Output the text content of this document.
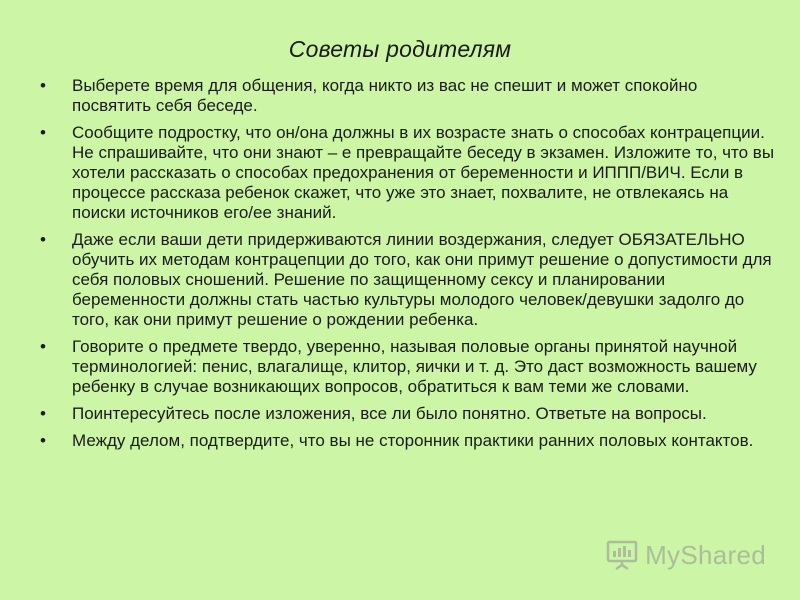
Советы родителям
•	Выберете время для общения, когда никто из вас не спешит и может спокойно посвятить себя беседе.
•	Сообщите подростку, что он/она должны в их возрасте знать о способах контрацепции. Не спрашивайте, что они знают – е превращайте беседу в экзамен. Изложите то, что вы хотели рассказать о способах предохранения от беременности и ИППП/ВИЧ. Если в процессе рассказа ребенок скажет, что уже это знает, похвалите, не отвлекаясь на поиски источников его/ее знаний.
•	Даже если ваши дети придерживаются линии воздержания, следует ОБЯЗАТЕЛЬНО обучить их методам контрацепции до того, как они примут решение о допустимости для себя половых сношений. Решение по защищенному сексу и планировании беременности должны стать частью культуры молодого человек/девушки задолго до того, как они примут решение о рождении ребенка.
•	Говорите о предмете твердо, уверенно, называя половые органы принятой научной терминологией: пенис, влагалище, клитор, яички и т. д. Это даст возможность вашему ребенку в случае возникающих вопросов, обратиться к вам теми же словами.
•	Поинтересуйтесь после изложения, все ли было понятно. Ответьте на вопросы.
•	Между делом, подтвердите, что вы не сторонник практики ранних половых контактов.
MyShared
